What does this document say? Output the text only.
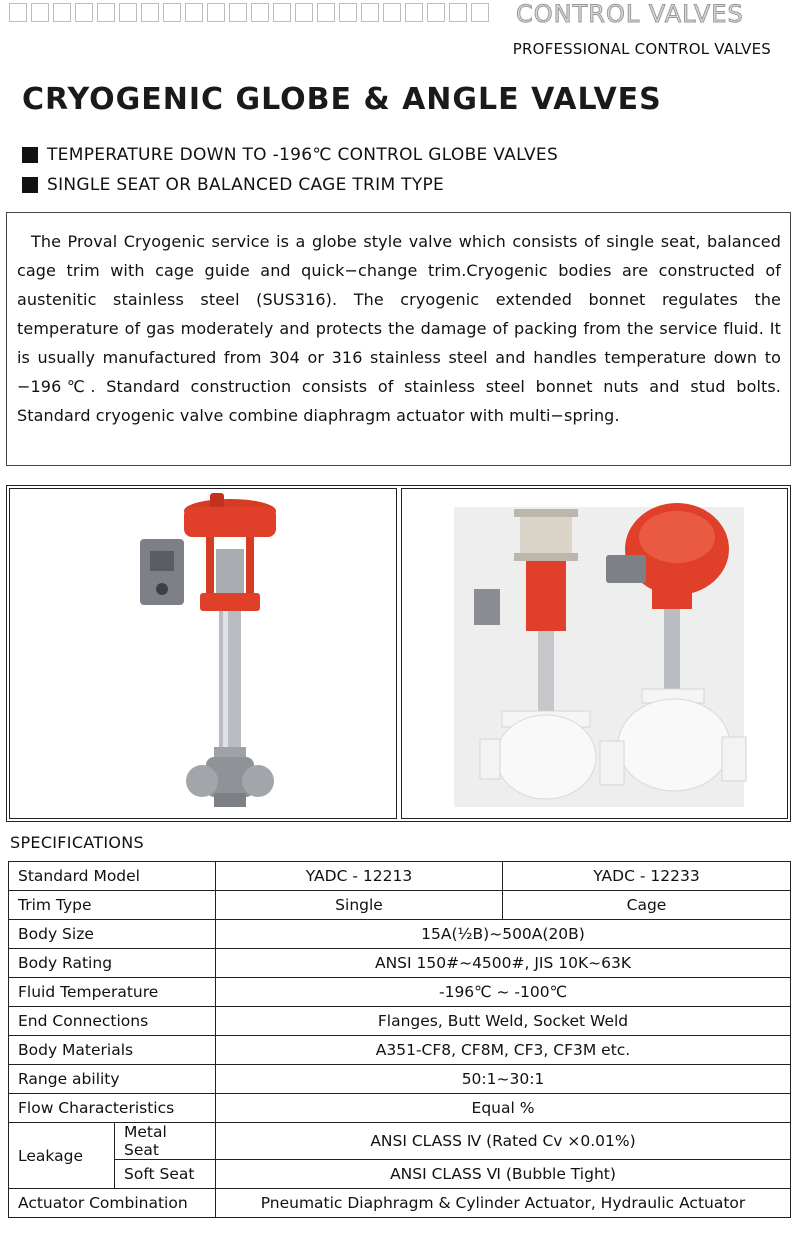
CONTROL VALVES
PROFESSIONAL CONTROL VALVES
CRYOGENIC GLOBE & ANGLE VALVES
TEMPERATURE DOWN TO -196℃ CONTROL GLOBE VALVES
SINGLE SEAT OR BALANCED CAGE TRIM TYPE

The Proval Cryogenic service is a globe style valve which consists of single seat, balanced cage trim with cage guide and quick−change trim.Cryogenic bodies are constructed of austenitic stainless steel (SUS316). The cryogenic extended bonnet regulates the temperature of gas moderately and protects the damage of packing from the service fluid. It is usually manufactured from 304 or 316 stainless steel and handles temperature down to −196℃. Standard construction consists of stainless steel bonnet nuts and stud bolts. Standard cryogenic valve combine diaphragm actuator with multi−spring.

SPECIFICATIONS
Standard Model		YADC - 12213	YADC - 12233
Trim Type		Single	Cage
Body Size		15A(½B)~500A(20B)	
Body Rating		ANSI 150#~4500#, JIS 10K~63K	
Fluid Temperature		-196℃ ~ -100℃	
End Connections		Flanges, Butt Weld, Socket Weld	
Body Materials		A351-CF8, CF8M, CF3, CF3M etc.	
Range ability		50:1~30:1	
Flow Characteristics		Equal %	
Leakage	Metal Seat	ANSI CLASS Ⅳ (Rated Cv ×0.01%)	
	Soft Seat	ANSI CLASS Ⅵ (Bubble Tight)	
Actuator Combination		Pneumatic Diaphragm & Cylinder Actuator, Hydraulic Actuator	
